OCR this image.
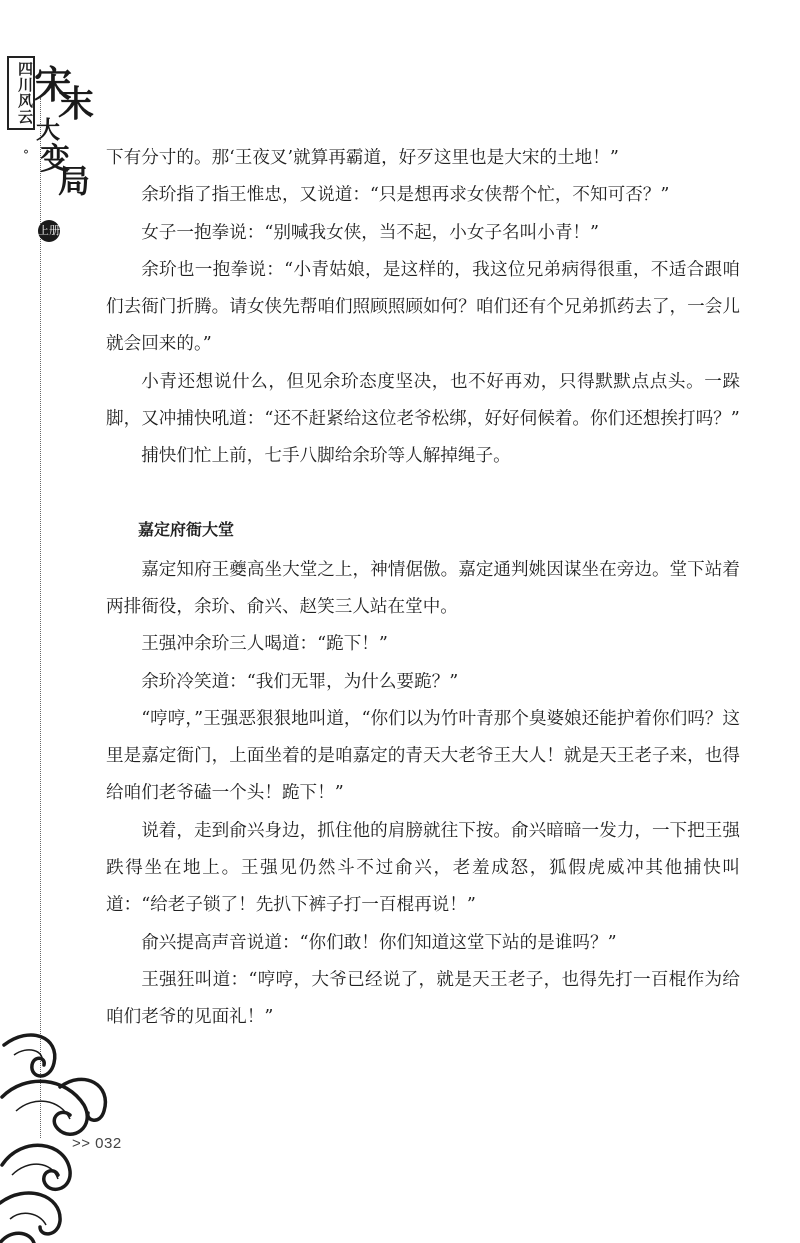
四川风云
°
宋
末
大
变
局
上册

下有分寸的。那‘王夜叉’就算再霸道，好歹这里也是大宋的土地！”

余玠指了指王惟忠，又说道：“只是想再求女侠帮个忙，不知可否？”

女子一抱拳说：“别喊我女侠，当不起，小女子名叫小青！”

余玠也一抱拳说：“小青姑娘，是这样的，我这位兄弟病得很重，不适合跟咱们去衙门折腾。请女侠先帮咱们照顾照顾如何？咱们还有个兄弟抓药去了，一会儿就会回来的。”

小青还想说什么，但见余玠态度坚决，也不好再劝，只得默默点点头。一跺脚，又冲捕快吼道：“还不赶紧给这位老爷松绑，好好伺候着。你们还想挨打吗？”

捕快们忙上前，七手八脚给余玠等人解掉绳子。

嘉定府衙大堂

嘉定知府王夔高坐大堂之上，神情倨傲。嘉定通判姚因谋坐在旁边。堂下站着两排衙役，余玠、俞兴、赵笑三人站在堂中。

王强冲余玠三人喝道：“跪下！”

余玠冷笑道：“我们无罪，为什么要跪？”

“哼哼，”王强恶狠狠地叫道，“你们以为竹叶青那个臭婆娘还能护着你们吗？这里是嘉定衙门，上面坐着的是咱嘉定的青天大老爷王大人！就是天王老子来，也得给咱们老爷磕一个头！跪下！”

说着，走到俞兴身边，抓住他的肩膀就往下按。俞兴暗暗一发力，一下把王强跌得坐在地上。王强见仍然斗不过俞兴，老羞成怒，狐假虎威冲其他捕快叫道：“给老子锁了！先扒下裤子打一百棍再说！”

俞兴提高声音说道：“你们敢！你们知道这堂下站的是谁吗？”

王强狂叫道：“哼哼，大爷已经说了，就是天王老子，也得先打一百棍作为给咱们老爷的见面礼！”

>> 032
